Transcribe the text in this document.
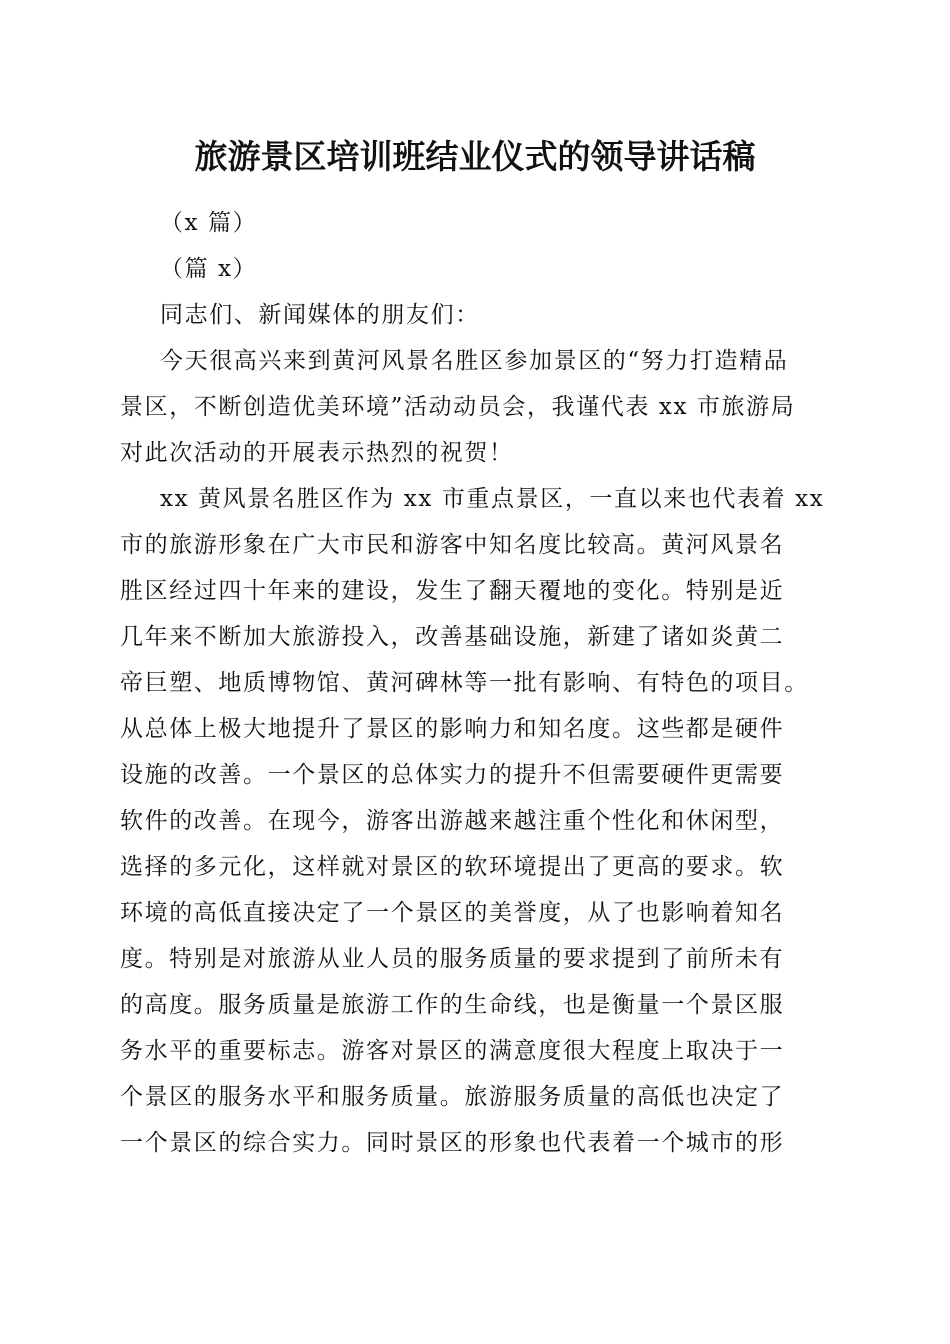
旅游景区培训班结业仪式的领导讲话稿

（x 篇）

（篇 x）

同志们、新闻媒体的朋友们：

今天很高兴来到黄河风景名胜区参加景区的“努力打造精品

景区，不断创造优美环境”活动动员会，我谨代表 xx 市旅游局

对此次活动的开展表示热烈的祝贺！

xx 黄风景名胜区作为 xx 市重点景区，一直以来也代表着 xx

市的旅游形象在广大市民和游客中知名度比较高。黄河风景名

胜区经过四十年来的建设，发生了翻天覆地的变化。特别是近

几年来不断加大旅游投入，改善基础设施，新建了诸如炎黄二

帝巨塑、地质博物馆、黄河碑林等一批有影响、有特色的项目。

从总体上极大地提升了景区的影响力和知名度。这些都是硬件

设施的改善。一个景区的总体实力的提升不但需要硬件更需要

软件的改善。在现今，游客出游越来越注重个性化和休闲型，

选择的多元化，这样就对景区的软环境提出了更高的要求。软

环境的高低直接决定了一个景区的美誉度，从了也影响着知名

度。特别是对旅游从业人员的服务质量的要求提到了前所未有

的高度。服务质量是旅游工作的生命线，也是衡量一个景区服

务水平的重要标志。游客对景区的满意度很大程度上取决于一

个景区的服务水平和服务质量。旅游服务质量的高低也决定了

一个景区的综合实力。同时景区的形象也代表着一个城市的形
